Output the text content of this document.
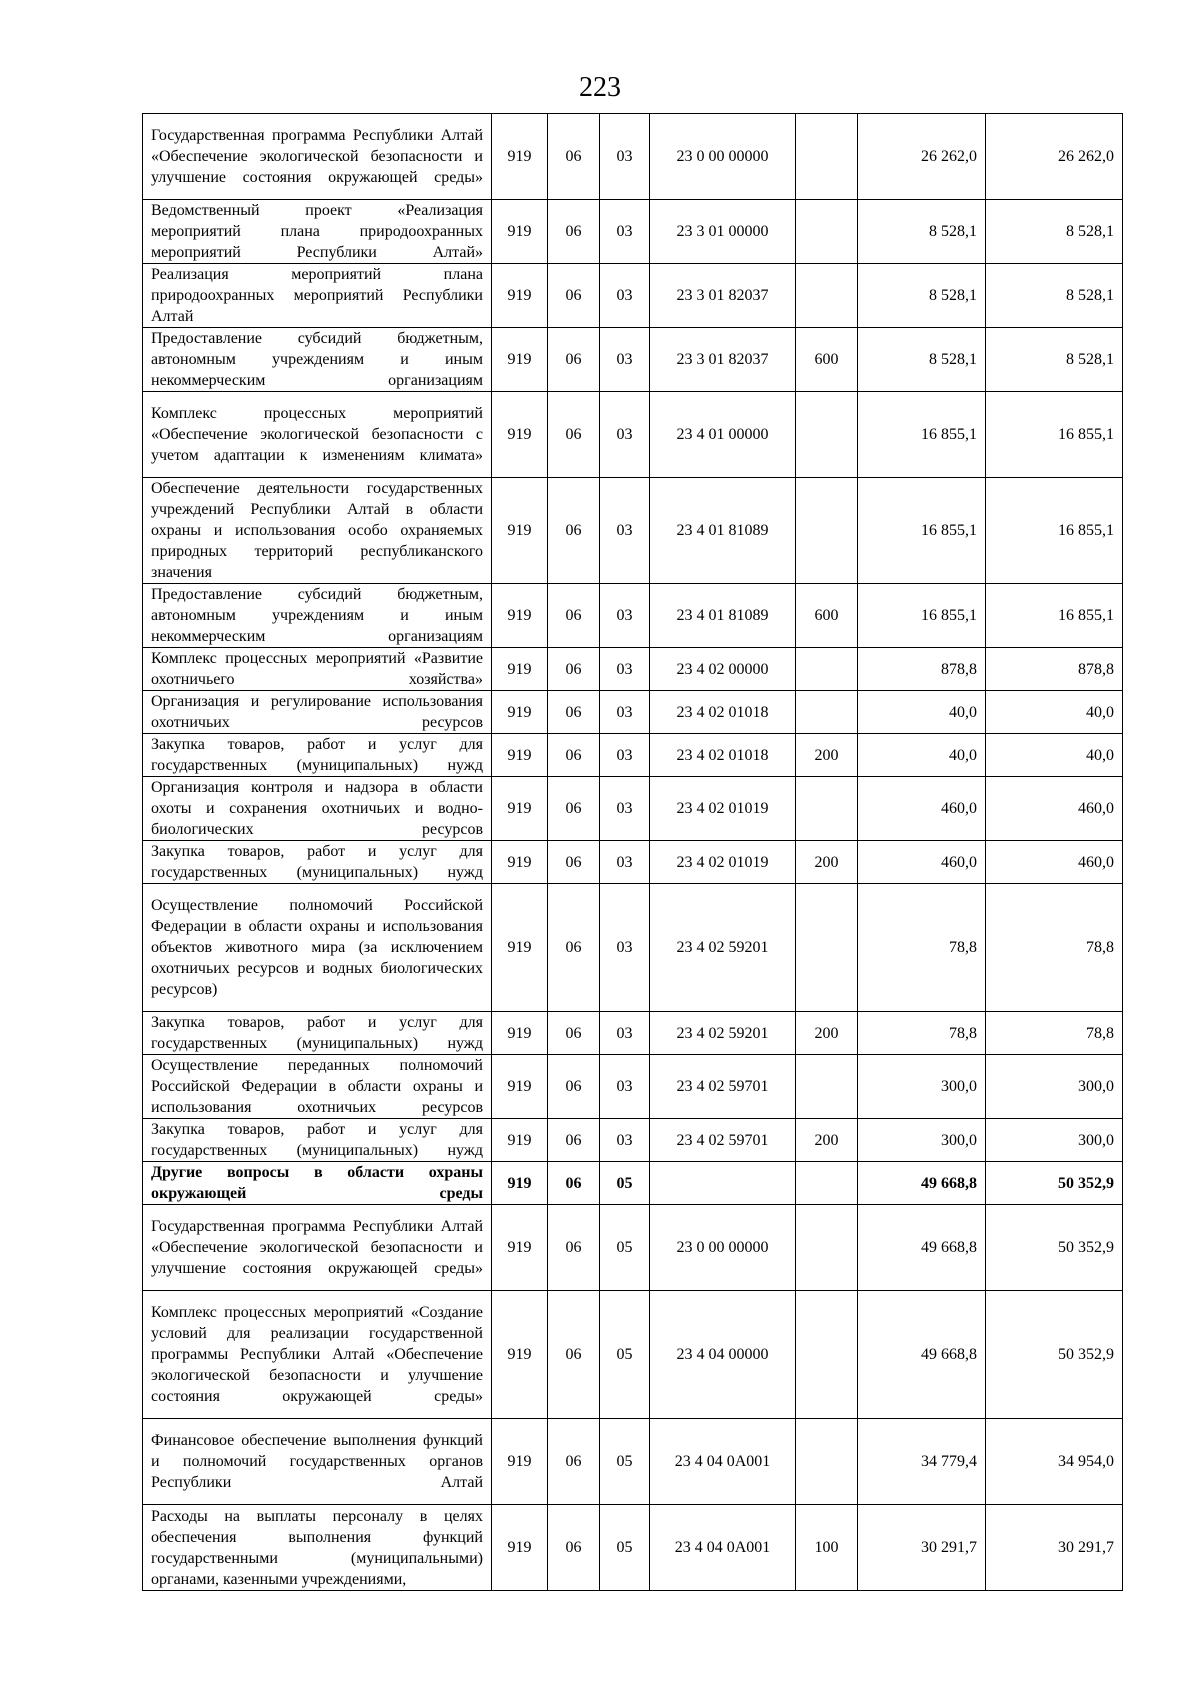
223
Государственная программа Республики Алтай «Обеспечение экологической безопасности и улучшение состояния окружающей среды»	919	06	03	23 0 00 00000		26 262,0	26 262,0
Ведомственный проект «Реализация мероприятий плана природоохранных мероприятий Республики Алтай»	919	06	03	23 3 01 00000		8 528,1	8 528,1
Реализация мероприятий плана природоохранных мероприятий Республики Алтай	919	06	03	23 3 01 82037		8 528,1	8 528,1
Предоставление субсидий бюджетным, автономным учреждениям и иным некоммерческим организациям	919	06	03	23 3 01 82037	600	8 528,1	8 528,1
Комплекс процессных мероприятий «Обеспечение экологической безопасности с учетом адаптации к изменениям климата»	919	06	03	23 4 01 00000		16 855,1	16 855,1
Обеспечение деятельности государственных учреждений Республики Алтай в области охраны и использования особо охраняемых природных территорий республиканского значения	919	06	03	23 4 01 81089		16 855,1	16 855,1
Предоставление субсидий бюджетным, автономным учреждениям и иным некоммерческим организациям	919	06	03	23 4 01 81089	600	16 855,1	16 855,1
Комплекс процессных мероприятий «Развитие охотничьего хозяйства»	919	06	03	23 4 02 00000		878,8	878,8
Организация и регулирование использования охотничьих ресурсов	919	06	03	23 4 02 01018		40,0	40,0
Закупка товаров, работ и услуг для государственных (муниципальных) нужд	919	06	03	23 4 02 01018	200	40,0	40,0
Организация контроля и надзора в области охоты и сохранения охотничьих и водно-биологических ресурсов	919	06	03	23 4 02 01019		460,0	460,0
Закупка товаров, работ и услуг для государственных (муниципальных) нужд	919	06	03	23 4 02 01019	200	460,0	460,0
Осуществление полномочий Российской Федерации в области охраны и использования объектов животного мира (за исключением охотничьих ресурсов и водных биологических ресурсов)	919	06	03	23 4 02 59201		78,8	78,8
Закупка товаров, работ и услуг для государственных (муниципальных) нужд	919	06	03	23 4 02 59201	200	78,8	78,8
Осуществление переданных полномочий Российской Федерации в области охраны и использования охотничьих ресурсов	919	06	03	23 4 02 59701		300,0	300,0
Закупка товаров, работ и услуг для государственных (муниципальных) нужд	919	06	03	23 4 02 59701	200	300,0	300,0
Другие вопросы в области охраны окружающей среды	919	06	05			49 668,8	50 352,9
Государственная программа Республики Алтай «Обеспечение экологической безопасности и улучшение состояния окружающей среды»	919	06	05	23 0 00 00000		49 668,8	50 352,9
Комплекс процессных мероприятий «Создание условий для реализации государственной программы Республики Алтай «Обеспечение экологической безопасности и улучшение состояния окружающей среды»	919	06	05	23 4 04 00000		49 668,8	50 352,9
Финансовое обеспечение выполнения функций и полномочий государственных органов Республики Алтай	919	06	05	23 4 04 0А001		34 779,4	34 954,0
Расходы на выплаты персоналу в целях обеспечения выполнения функций государственными (муниципальными) органами, казенными учреждениями,	919	06	05	23 4 04 0А001	100	30 291,7	30 291,7
